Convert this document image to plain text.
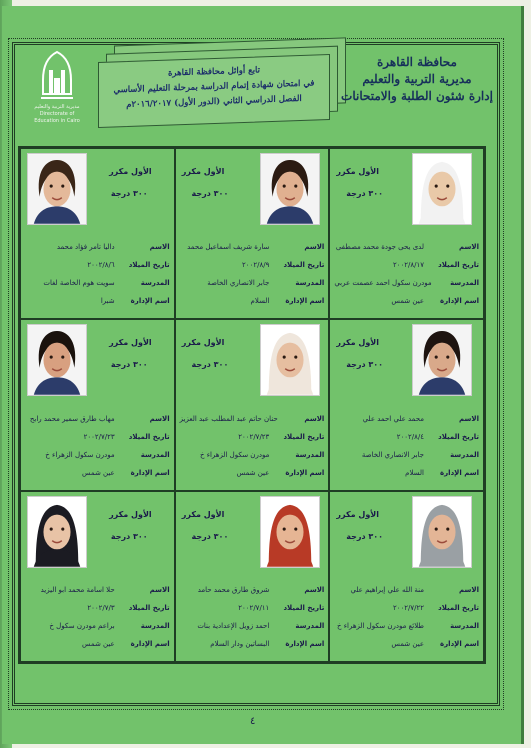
مديرية التربية والتعليم
Directorate of Education in Cairo
تابع أوائل محافظة القاهرة
في امتحان شهادة إتمام الدراسة بمرحلة التعليم الأساسي
الفصل الدراسي الثاني (الدور الأول) ٢٠١٦/٢٠١٧م
محافظة القاهرة
مديرية التربية والتعليم
إدارة شئون الطلبة والامتحانات
الأول مكرر
٣٠٠ درجة
الاسم
داليا تامر فؤاد محمد
تاريخ الميلاد
٢٠٠٢/٨/٦
المدرسة
سويت هوم الخاصة لغات
اسم الإدارة
شبرا
الأول مكرر
٣٠٠ درجة
الاسم
سارة شريف اسماعيل محمد
تاريخ الميلاد
٢٠٠٢/٨/٩
المدرسة
جابر الانصاري الخاصة
اسم الإدارة
السلام
الأول مكرر
٣٠٠ درجة
الاسم
لدى يحى جودة محمد مصطفى
تاريخ الميلاد
٢٠٠٢/٨/١٧
المدرسة
مودرن سكول احمد عصمت عربي
اسم الإدارة
عين شمس
الأول مكرر
٣٠٠ درجة
الاسم
مهاب طارق سمير محمد رابح
تاريخ الميلاد
٢٠٠٢/٧/٢٣
المدرسة
مودرن سكول الزهراء خ
اسم الإدارة
عين شمس
الأول مكرر
٣٠٠ درجة
الاسم
حنان حاتم عبد المطلب عبد العزيز
تاريخ الميلاد
٢٠٠٢/٧/٢٣
المدرسة
مودرن سكول الزهراء خ
اسم الإدارة
عين شمس
الأول مكرر
٣٠٠ درجة
الاسم
محمد علي احمد علي
تاريخ الميلاد
٢٠٠٢/٨/٤
المدرسة
جابر الانصاري الخاصة
اسم الإدارة
السلام
الأول مكرر
٣٠٠ درجة
الاسم
حلا اسامة محمد ابو اليزيد
تاريخ الميلاد
٢٠٠٢/٧/٣
المدرسة
براعم مودرن سكول خ
اسم الإدارة
عين شمس
الأول مكرر
٣٠٠ درجة
الاسم
شروق طارق محمد حامد
تاريخ الميلاد
٢٠٠٢/٧/١١
المدرسة
احمد زويل الإعدادية بنات
اسم الإدارة
البساتين ودار السلام
الأول مكرر
٣٠٠ درجة
الاسم
منة الله علي إبراهيم علي
تاريخ الميلاد
٢٠٠٢/٧/٢٢
المدرسة
طلائع مودرن سكول الزهراء خ
اسم الإدارة
عين شمس
٤
